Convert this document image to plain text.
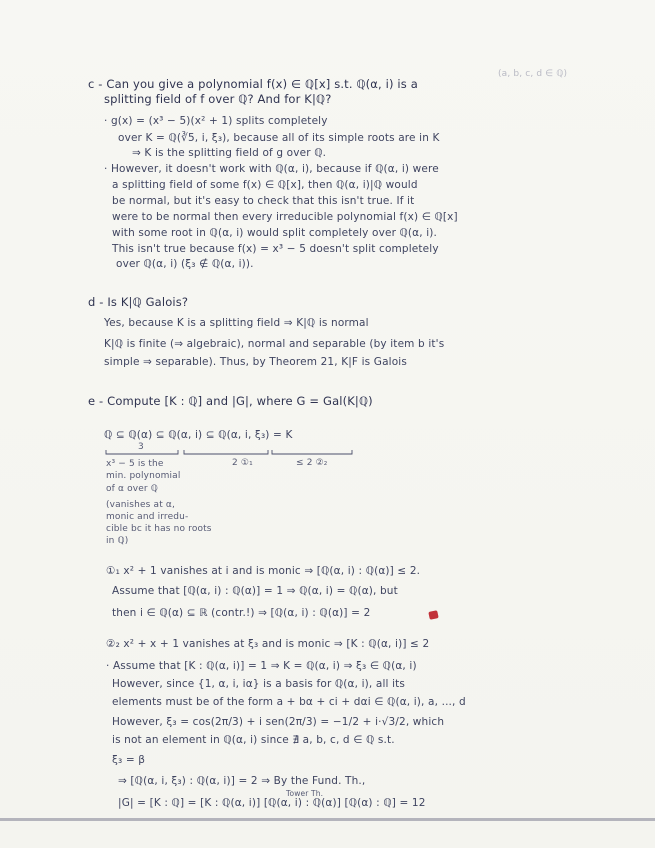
(a, b, c, d ∈ ℚ)
c - Can you give a polynomial f(x) ∈ ℚ[x] s.t. ℚ(α, i) is a
splitting field of f over ℚ? And for K|ℚ?
· g(x) = (x³ − 5)(x² + 1) splits completely
over K = ℚ(∛5, i, ξ₃), because all of its simple roots are in K
⇒ K is the splitting field of g over ℚ.
· However, it doesn't work with ℚ(α, i), because if ℚ(α, i) were
a splitting field of some f(x) ∈ ℚ[x], then ℚ(α, i)|ℚ would
be normal, but it's easy to check that this isn't true. If it
were to be normal then every irreducible polynomial f(x) ∈ ℚ[x]
with some root in ℚ(α, i) would split completely over ℚ(α, i).
This isn't true because f(x) = x³ − 5 doesn't split completely
over ℚ(α, i) (ξ₃ ∉ ℚ(α, i)).
d - Is K|ℚ Galois?
Yes, because K is a splitting field ⇒ K|ℚ is normal
K|ℚ is finite (⇒ algebraic), normal and separable (by item b it's
simple ⇒ separable). Thus, by Theorem 21, K|F is Galois
e - Compute [K : ℚ] and |G|, where G = Gal(K|ℚ)
ℚ ⊆ ℚ(α) ⊆ ℚ(α, i) ⊆ ℚ(α, i, ξ₃) = K
3
2 ①₁	≤ 2 ②₂
x³ − 5 is the
min. polynomial
of α over ℚ
(vanishes at α,
monic and irredu-
cible bc it has no roots
in ℚ)
①₁ x² + 1 vanishes at i and is monic ⇒ [ℚ(α, i) : ℚ(α)] ≤ 2.
Assume that [ℚ(α, i) : ℚ(α)] = 1 ⇒ ℚ(α, i) = ℚ(α), but
then i ∈ ℚ(α) ⊆ ℝ (contr.!) ⇒ [ℚ(α, i) : ℚ(α)] = 2
②₂ x² + x + 1 vanishes at ξ₃ and is monic ⇒ [K : ℚ(α, i)] ≤ 2
· Assume that [K : ℚ(α, i)] = 1 ⇒ K = ℚ(α, i) ⇒ ξ₃ ∈ ℚ(α, i)
However, since {1, α, i, iα} is a basis for ℚ(α, i), all its
elements must be of the form a + bα + ci + dαi ∈ ℚ(α, i), a, ..., d
However, ξ₃ = cos(2π/3) + i sen(2π/3) = −1/2 + i·√3/2, which
is not an element in ℚ(α, i) since ∄ a, b, c, d ∈ ℚ s.t.
ξ₃ = β
⇒ [ℚ(α, i, ξ₃) : ℚ(α, i)] = 2 ⇒ By the Fund. Th.,
Tower Th.
|G| = [K : ℚ] = [K : ℚ(α, i)] [ℚ(α, i) : ℚ(α)] [ℚ(α) : ℚ] = 12
